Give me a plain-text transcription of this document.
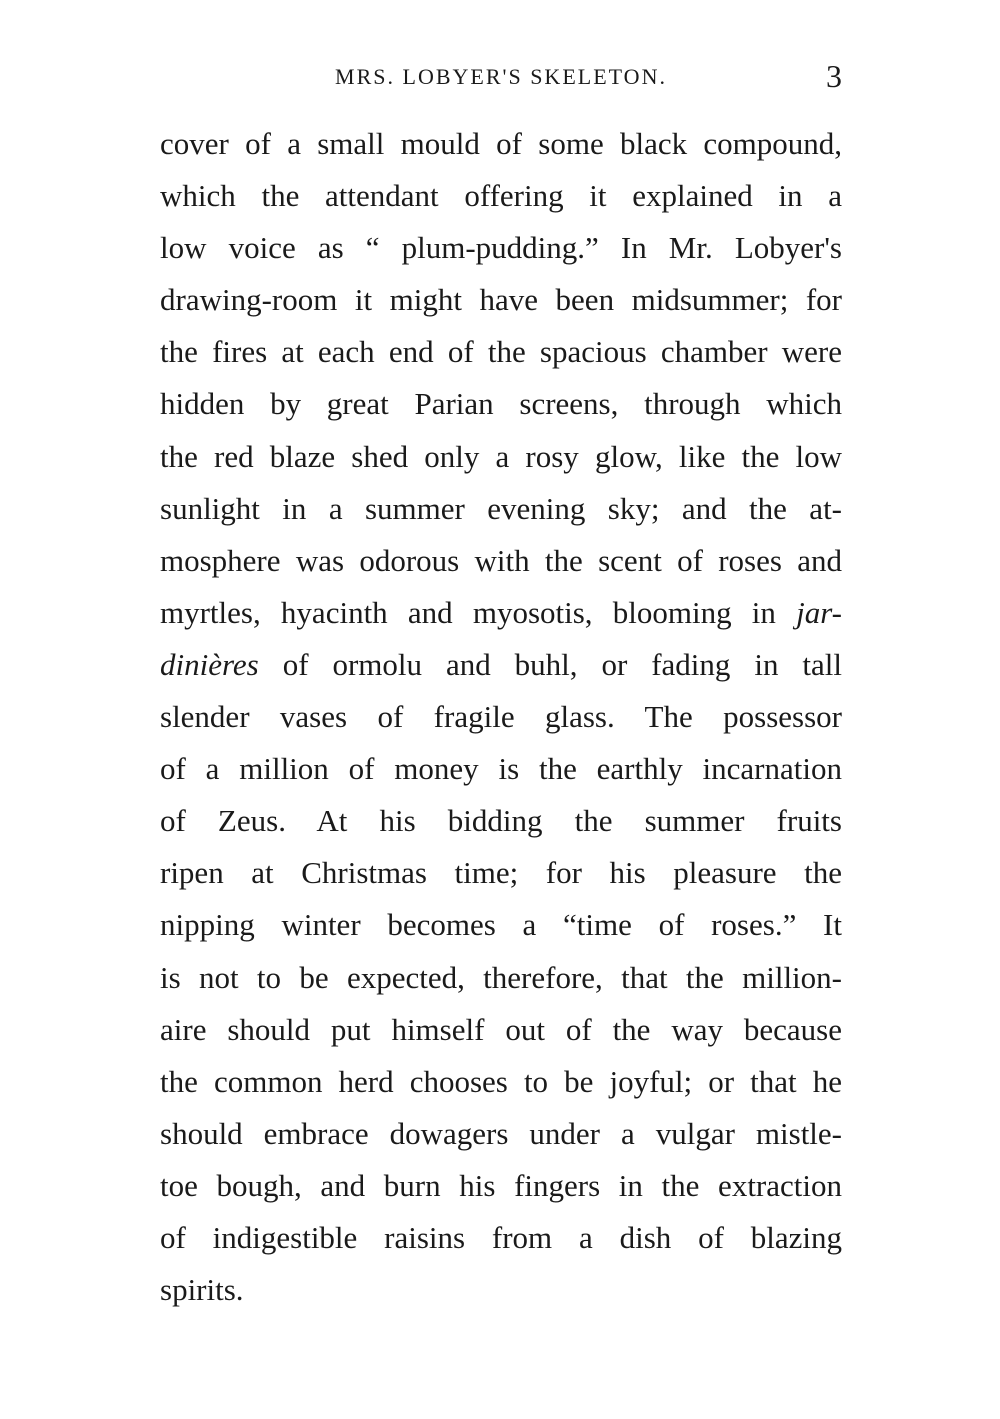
MRS. LOBYER'S SKELETON.	3
cover of a small mould of some black compound,
which the attendant offering it explained in a
low voice as “ plum-pudding.” In Mr. Lobyer's
drawing-room it might have been midsummer; for
the fires at each end of the spacious chamber were
hidden by great Parian screens, through which
the red blaze shed only a rosy glow, like the low
sunlight in a summer evening sky; and the at-
mosphere was odorous with the scent of roses and
myrtles, hyacinth and myosotis, blooming in jar-
dinières of ormolu and buhl, or fading in tall
slender vases of fragile glass. The possessor
of a million of money is the earthly incarnation
of Zeus. At his bidding the summer fruits
ripen at Christmas time; for his pleasure the
nipping winter becomes a “time of roses.” It
is not to be expected, therefore, that the million-
aire should put himself out of the way because
the common herd chooses to be joyful; or that he
should embrace dowagers under a vulgar mistle-
toe bough, and burn his fingers in the extraction
of indigestible raisins from a dish of blazing
spirits.
